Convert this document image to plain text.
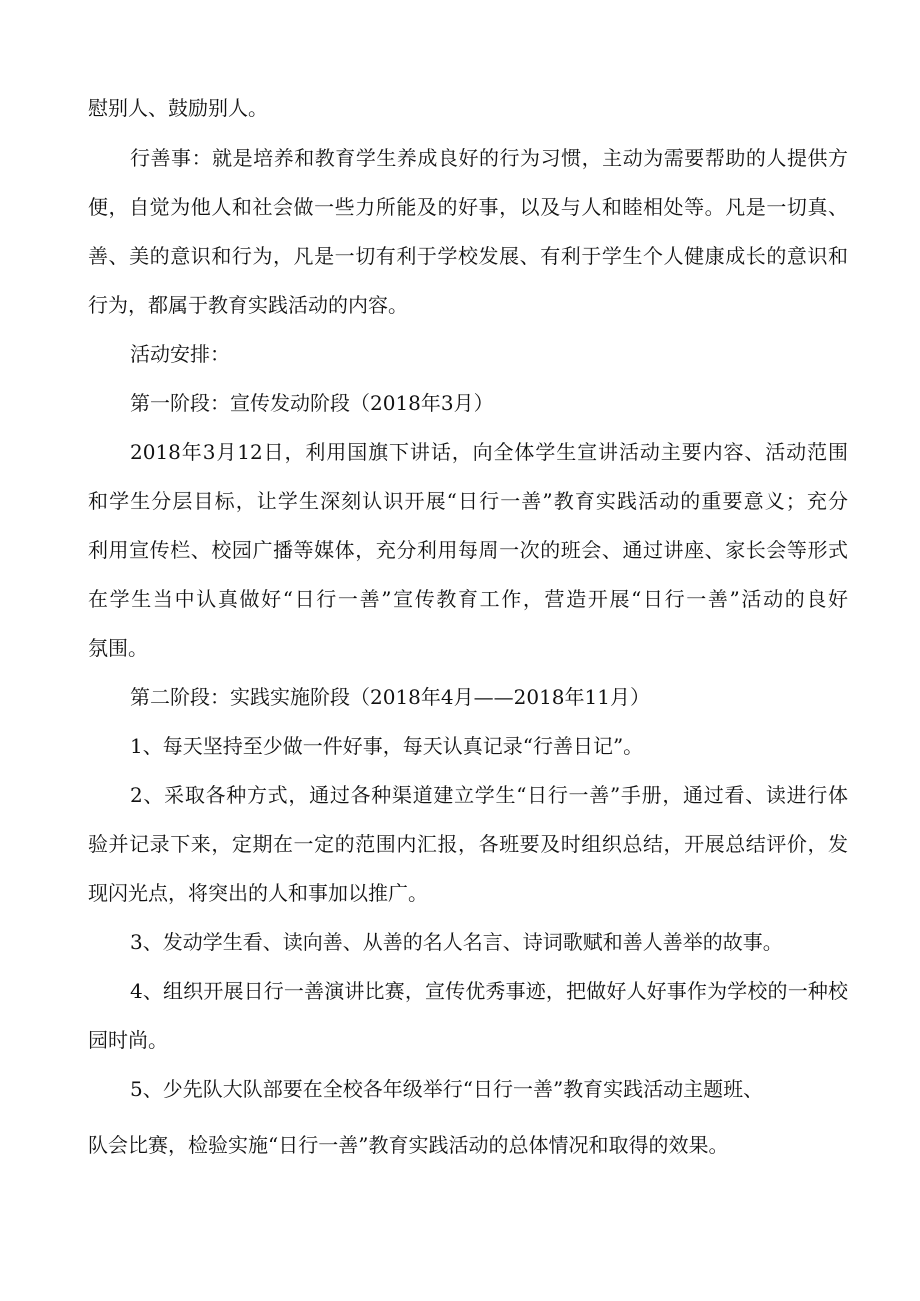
慰别人、鼓励别人。
行善事：就是培养和教育学生养成良好的行为习惯，主动为需要帮助的人提供方
便，自觉为他人和社会做一些力所能及的好事，以及与人和睦相处等。凡是一切真、
善、美的意识和行为，凡是一切有利于学校发展、有利于学生个人健康成长的意识和
行为，都属于教育实践活动的内容。
活动安排：
第一阶段：宣传发动阶段（2018年3月）
2018年3月12日，利用国旗下讲话，向全体学生宣讲活动主要内容、活动范围
和学生分层目标，让学生深刻认识开展“日行一善”教育实践活动的重要意义；充分
利用宣传栏、校园广播等媒体，充分利用每周一次的班会、通过讲座、家长会等形式
在学生当中认真做好“日行一善”宣传教育工作，营造开展“日行一善”活动的良好
氛围。
第二阶段：实践实施阶段（2018年4月——2018年11月）
1、每天坚持至少做一件好事，每天认真记录“行善日记”。
2、采取各种方式，通过各种渠道建立学生“日行一善”手册，通过看、读进行体
验并记录下来，定期在一定的范围内汇报，各班要及时组织总结，开展总结评价，发
现闪光点，将突出的人和事加以推广。
3、发动学生看、读向善、从善的名人名言、诗词歌赋和善人善举的故事。
4、组织开展日行一善演讲比赛，宣传优秀事迹，把做好人好事作为学校的一种校
园时尚。
5、少先队大队部要在全校各年级举行“日行一善”教育实践活动主题班、
队会比赛，检验实施“日行一善”教育实践活动的总体情况和取得的效果。
